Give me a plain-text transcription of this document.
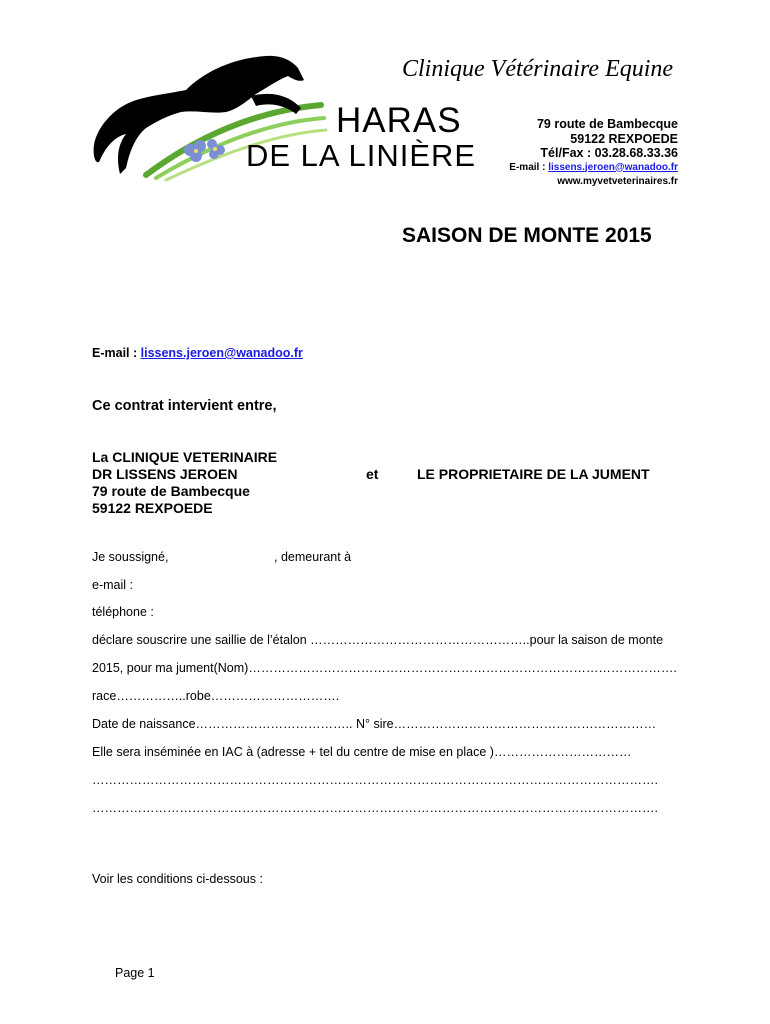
Clinique Vétérinaire Equine
HARAS
DE LA LINIÈRE
79 route de Bambecque
59122 REXPOEDE
Tél/Fax : 03.28.68.33.36
E-mail : lissens.jeroen@wanadoo.fr
www.myvetveterinaires.fr
SAISON DE MONTE 2015
E-mail : lissens.jeroen@wanadoo.fr
Ce contrat intervient entre,
La CLINIQUE VETERINAIRE
DR LISSENS JEROEN
79 route de Bambecque
59122 REXPOEDE
et	LE PROPRIETAIRE DE LA JUMENT
Je soussigné,	, demeurant à
e-mail :
téléphone :
déclare souscrire une saillie de l’étalon ……………………………………………..pour la saison de monte
2015, pour ma jument(Nom)………………………………………………………………………………………….
race……………..robe………………………….
Date de naissance……………………………….. N° sire………………………………………………………
Elle sera inséminée en IAC à (adresse + tel du centre de mise en place )……………………………
……………………………………………………………………………………………………………………….
……………………………………………………………………………………………………………………….
Voir les conditions ci-dessous :
Page 1
